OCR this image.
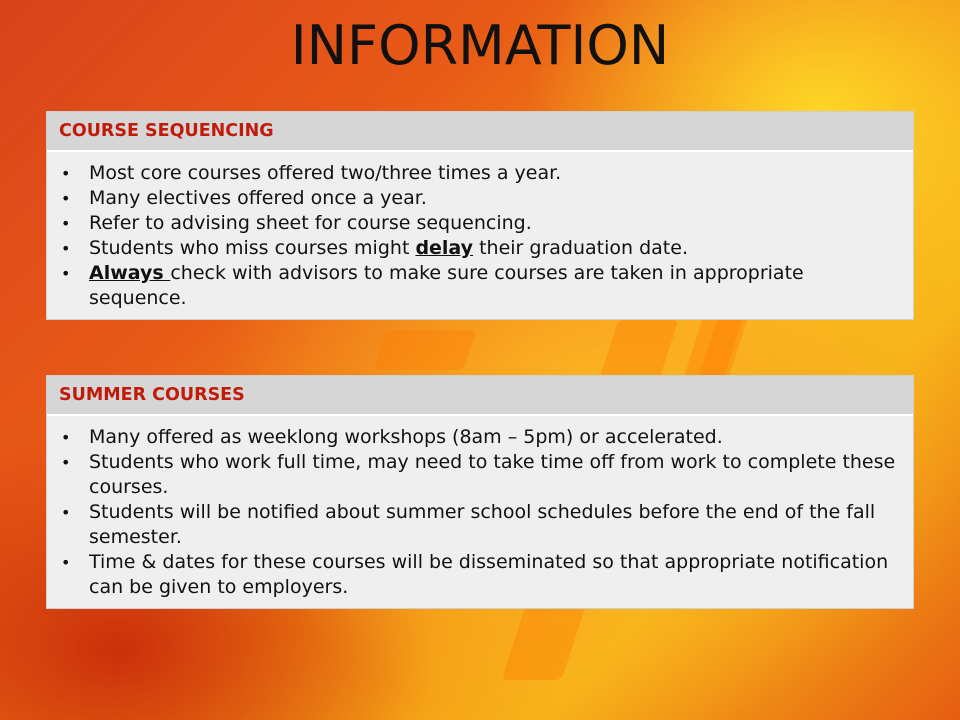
INFORMATION
COURSE SEQUENCING
• Most core courses offered two/three times a year.
• Many electives offered once a year.
• Refer to advising sheet for course sequencing.
• Students who miss courses might delay their graduation date.
• Always check with advisors to make sure courses are taken in appropriate sequence.
SUMMER COURSES
• Many offered as weeklong workshops (8am – 5pm) or accelerated.
• Students who work full time, may need to take time off from work to complete these courses.
• Students will be notified about summer school schedules before the end of the fall semester.
• Time & dates for these courses will be disseminated so that appropriate notification can be given to employers.
